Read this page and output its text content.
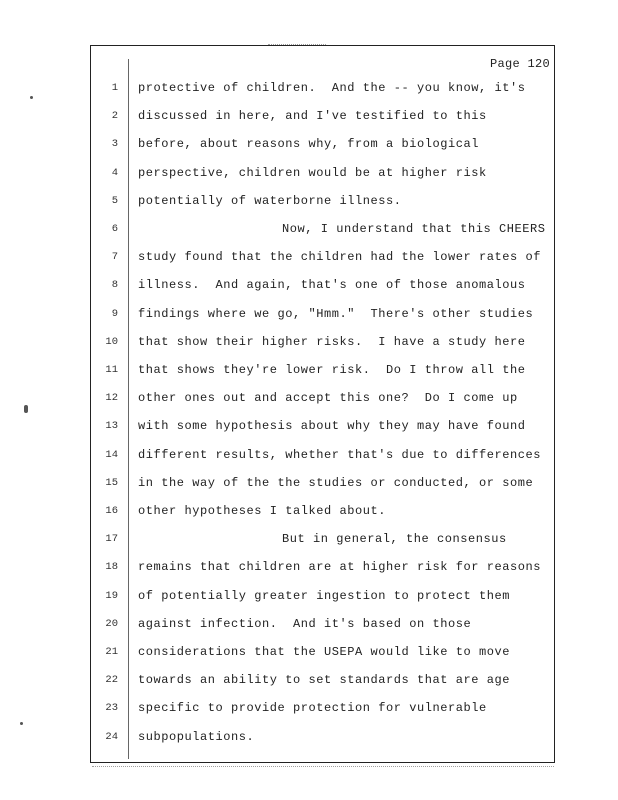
Page 120
1 protective of children.  And the -- you know, it's
2 discussed in here, and I've testified to this
3 before, about reasons why, from a biological
4 perspective, children would be at higher risk
5 potentially of waterborne illness.
6	Now, I understand that this CHEERS
7 study found that the children had the lower rates of
8 illness.  And again, that's one of those anomalous
9 findings where we go, "Hmm."  There's other studies
10 that show their higher risks.  I have a study here
11 that shows they're lower risk.  Do I throw all the
12 other ones out and accept this one?  Do I come up
13 with some hypothesis about why they may have found
14 different results, whether that's due to differences
15 in the way of the the studies or conducted, or some
16 other hypotheses I talked about.
17	But in general, the consensus
18 remains that children are at higher risk for reasons
19 of potentially greater ingestion to protect them
20 against infection.  And it's based on those
21 considerations that the USEPA would like to move
22 towards an ability to set standards that are age
23 specific to provide protection for vulnerable
24 subpopulations.
